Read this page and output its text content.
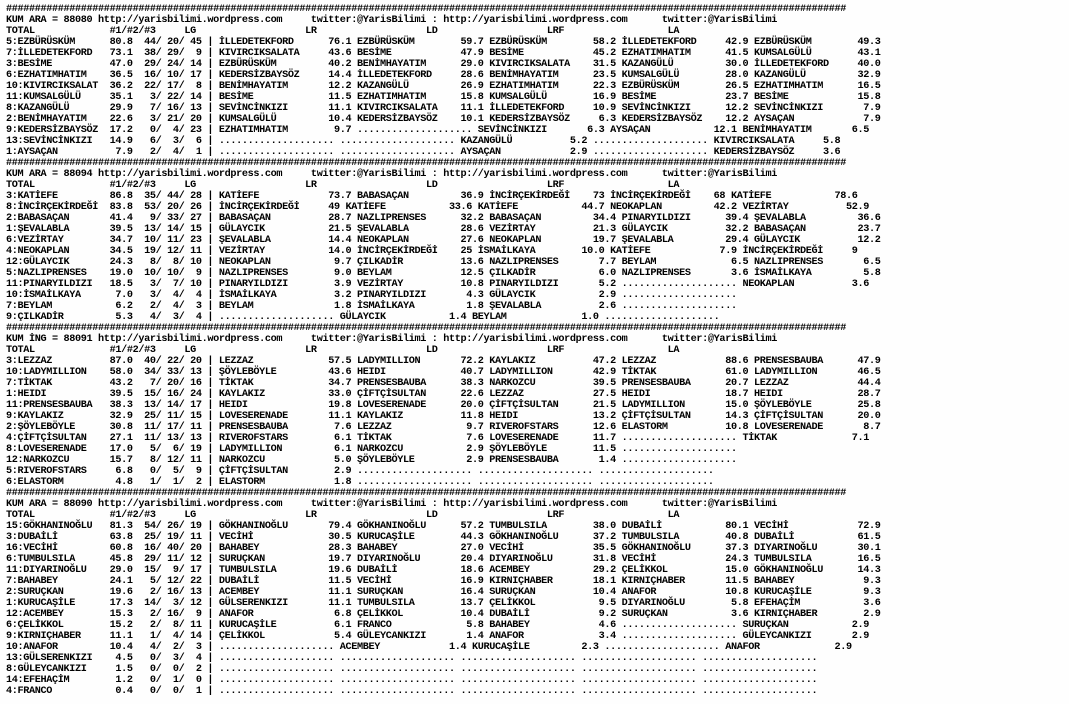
##################################################################################################################################################
KUM ARA = 88080 http://yarisbilimi.wordpress.com     twitter:@YarisBilimi : http://yarisbilimi.wordpress.com      twitter:@YarisBilimi
TOTAL             #1/#2/#3     LG                   LR                   LD                   LRF                  LA
5:EZBÜRÜSKÜM      80.8  44/ 20/ 45 | İLLEDETEKFORD      76.1 EZBÜRÜSKÜM        59.7 EZBÜRÜSKÜM        58.2 İLLEDETEKFORD     42.9 EZBÜRÜSKÜM        49.3
7:İLLEDETEKFORD   73.1  38/ 29/  9 | KIVIRCIKSALATA     43.6 BESİME            47.9 BESİME            45.2 EZHATIMHATIM      41.5 KUMSALGÜLÜ        43.1
3:BESİME          47.0  29/ 24/ 14 | EZBÜRÜSKÜM         40.2 BENİMHAYATIM      29.0 KIVIRCIKSALATA    31.5 KAZANGÜLÜ         30.0 İLLEDETEKFORD     40.0
6:EZHATIMHATIM    36.5  16/ 10/ 17 | KEDERSİZBAYSÖZ     14.4 İLLEDETEKFORD     28.6 BENİMHAYATIM      23.5 KUMSALGÜLÜ        28.0 KAZANGÜLÜ         32.9
10:KIVIRCIKSALAT  36.2  22/ 17/  8 | BENİMHAYATIM       12.2 KAZANGÜLÜ         26.9 EZHATIMHATIM      22.3 EZBÜRÜSKÜM        26.5 EZHATIMHATIM      16.5
11:KUMSALGÜLÜ     35.1   3/ 22/ 14 | BESİME             11.5 EZHATIMHATIM      15.8 KUMSALGÜLÜ        16.9 BESİME            23.7 BESİME            15.8
8:KAZANGÜLÜ       29.9   7/ 16/ 13 | SEVİNCİNKIZI       11.1 KIVIRCIKSALATA    11.1 İLLEDETEKFORD     10.9 SEVİNCİNKIZI      12.2 SEVİNCİNKIZI       7.9
2:BENİMHAYATIM    22.6   3/ 21/ 20 | KUMSALGÜLÜ         10.4 KEDERSİZBAYSÖZ    10.1 KEDERSİZBAYSÖZ     6.3 KEDERSİZBAYSÖZ    12.2 AYSAÇAN            7.9
9:KEDERSİZBAYSÖZ  17.2   0/  4/ 23 | EZHATIMHATIM        9.7 .................... SEVİNCİNKIZI       6.3 AYSAÇAN           12.1 BENİMHAYATIM       6.5
13:SEVİNCİNKIZI   14.9   6/  3/  6 | .................... .................... KAZANGÜLÜ          5.2 .................... KIVIRCIKSALATA     5.8
1:AYSAÇAN          7.9   2/  4/  1 | .................... .................... AYSAÇAN            2.9 .................... KEDERSİZBAYSÖZ     3.6
##################################################################################################################################################
KUM ARA = 88094 http://yarisbilimi.wordpress.com     twitter:@YarisBilimi : http://yarisbilimi.wordpress.com      twitter:@YarisBilimi
TOTAL             #1/#2/#3     LG                   LR                   LD                   LRF                  LA
3:KATİEFE         86.8  35/ 44/ 28 | KATİEFE            73.7 BABASAÇAN         36.9 İNCİRÇEKİRDEĞİ    73 İNCİRÇEKİRDEĞİ    68 KATİEFE           78.6
8:İNCİRÇEKİRDEĞİ  83.8  53/ 20/ 26 | İNCİRÇEKİRDEĞİ     49 KATİEFE           33.6 KATİEFE           44.7 NEOKAPLAN         42.2 VEZİRTAY          52.9
2:BABASAÇAN       41.4   9/ 33/ 27 | BABASAÇAN          28.7 NAZLIPRENSES      32.2 BABASAÇAN         34.4 PINARYILDIZI      39.4 ŞEVALABLA         36.6
1:ŞEVALABLA       39.5  13/ 14/ 15 | GÜLAYCIK           21.5 ŞEVALABLA         28.6 VEZİRTAY          21.3 GÜLAYCIK          32.2 BABASAÇAN         23.7
6:VEZİRTAY        34.7  10/ 11/ 23 | ŞEVALABLA          14.4 NEOKAPLAN         27.6 NEOKAPLAN         19.7 ŞEVALABLA         29.4 GÜLAYCIK          12.2
4:NEOKAPLAN       34.5  19/ 12/ 11 | VEZİRTAY           14.0 İNCİRÇEKİRDEĞİ    25 İSMAİLKAYA        10.0 KATİEFE            7.9 İNCİRÇEKİRDEĞİ     9
12:GÜLAYCIK       24.3   8/  8/ 10 | NEOKAPLAN           9.7 ÇILKADİR          13.6 NAZLIPRENSES       7.7 BEYLAM             6.5 NAZLIPRENSES       6.5
5:NAZLIPRENSES    19.0  10/ 10/  9 | NAZLIPRENSES        9.0 BEYLAM            12.5 ÇILKADİR           6.0 NAZLIPRENSES       3.6 İSMAİLKAYA         5.8
11:PINARYILDIZI   18.5   3/  7/ 10 | PINARYILDIZI        3.9 VEZİRTAY          10.8 PINARYILDIZI       5.2 .................... NEOKAPLAN          3.6
10:İSMAİLKAYA      7.0   3/  4/  4 | İSMAİLKAYA          3.2 PINARYILDIZI       4.3 GÜLAYCIK           2.9 ....................
7:BEYLAM           6.2   2/  4/  3 | BEYLAM              1.8 İSMAİLKAYA         1.8 ŞEVALABLA          2.6 ....................
9:ÇILKADİR         5.3   4/  3/  4 | .................... GÜLAYCIK           1.4 BEYLAM             1.0 ....................
##################################################################################################################################################
KUM İNG = 88091 http://yarisbilimi.wordpress.com     twitter:@YarisBilimi : http://yarisbilimi.wordpress.com      twitter:@YarisBilimi
TOTAL             #1/#2/#3     LG                   LR                   LD                   LRF                  LA
3:LEZZAZ          87.0  40/ 22/ 20 | LEZZAZ             57.5 LADYMILLION       72.2 KAYLAKIZ          47.2 LEZZAZ            88.6 PRENSESBAUBA      47.9
10:LADYMILLION    58.0  34/ 33/ 13 | ŞÖYLEBÖYLE         43.6 HEIDI             40.7 LADYMILLION       42.9 TİKTAK            61.0 LADYMILLION       46.5
7:TİKTAK          43.2   7/ 20/ 16 | TİKTAK             34.7 PRENSESBAUBA      38.3 NARKOZCU          39.5 PRENSESBAUBA      20.7 LEZZAZ            44.4
1:HEIDI           39.5  15/ 16/ 24 | KAYLAKIZ           33.0 ÇİFTÇİSULTAN      22.6 LEZZAZ            27.5 HEIDI             18.7 HEIDI             28.7
11:PRENSESBAUBA   38.3  13/ 14/ 17 | HEIDI              19.8 LOVESERENADE      20.0 ÇİFTÇİSULTAN      21.5 LADYMILLION       15.0 ŞÖYLEBÖYLE        25.8
9:KAYLAKIZ        32.9  25/ 11/ 15 | LOVESERENADE       11.1 KAYLAKIZ          11.8 HEIDI             13.2 ÇİFTÇİSULTAN      14.3 ÇİFTÇİSULTAN      20.0
2:ŞÖYLEBÖYLE      30.8  11/ 17/ 11 | PRENSESBAUBA        7.6 LEZZAZ             9.7 RIVEROFSTARS      12.6 ELASTORM          10.8 LOVESERENADE       8.7
4:ÇİFTÇİSULTAN    27.1  11/ 13/ 13 | RIVEROFSTARS        6.1 TİKTAK             7.6 LOVESERENADE      11.7 .................... TİKTAK             7.1
8:LOVESERENADE    17.0   5/  6/ 19 | LADYMILLION         6.1 NARKOZCU           2.9 ŞÖYLEBÖYLE        11.5 ....................
12:NARKOZCU       15.7   8/ 12/ 11 | NARKOZCU            5.0 ŞÖYLEBÖYLE         2.9 PRENSESBAUBA       1.4 ....................
5:RIVEROFSTARS     6.8   0/  5/  9 | ÇİFTÇİSULTAN        2.9 .................... .................... ....................
6:ELASTORM         4.8   1/  1/  2 | ELASTORM            1.8 .................... .................... ....................
##################################################################################################################################################
KUM ARA = 88090 http://yarisbilimi.wordpress.com     twitter:@YarisBilimi : http://yarisbilimi.wordpress.com      twitter:@YarisBilimi
TOTAL             #1/#2/#3     LG                   LR                   LD                   LRF                  LA
15:GÖKHANINOĞLU   81.3  54/ 26/ 19 | GÖKHANINOĞLU       79.4 GÖKHANINOĞLU      57.2 TUMBULSILA        38.0 DUBAİLİ           80.1 VECİHİ            72.9
3:DUBAİLİ         63.8  25/ 19/ 11 | VECİHİ             30.5 KURUCAŞİLE        44.3 GÖKHANINOĞLU      37.2 TUMBULSILA        40.8 DUBAİLİ           61.5
16:VECİHİ         60.8  16/ 40/ 20 | BAHABEY            28.3 BAHABEY           27.0 VECİHİ            35.5 GÖKHANINOĞLU      37.3 DIYARINOĞLU       30.1
6:TUMBULSILA      45.8  29/ 11/ 12 | SURUÇKAN           19.7 DIYARINOĞLU       20.4 DIYARINOĞLU       31.8 VECİHİ            24.3 TUMBULSILA        16.5
11:DIYARINOĞLU    29.0  15/  9/ 17 | TUMBULSILA         19.6 DUBAİLİ           18.6 ACEMBEY           29.2 ÇELİKKOL          15.0 GÖKHANINOĞLU      14.3
7:BAHABEY         24.1   5/ 12/ 22 | DUBAİLİ            11.5 VECİHİ            16.9 KIRNIÇHABER       18.1 KIRNIÇHABER       11.5 BAHABEY            9.3
2:SURUÇKAN        19.6   2/ 16/ 13 | ACEMBEY            11.1 SURUÇKAN          16.4 SURUÇKAN          10.4 ANAFOR            10.8 KURUCAŞİLE         9.3
1:KURUCAŞİLE      17.3  14/  3/ 12 | GÜLSERENKIZI       11.1 TUMBULSILA        13.7 ÇELİKKOL           9.5 DIYARINOĞLU        5.8 EFEHAÇİM           3.6
12:ACEMBEY        15.3   2/ 16/  9 | ANAFOR              6.8 ÇELİKKOL          10.4 DUBAİLİ            9.2 SURUÇKAN           3.6 KIRNIÇHABER        2.9
6:ÇELİKKOL        15.2   2/  8/ 11 | KURUCAŞİLE          6.1 FRANCO             5.8 BAHABEY            4.6 .................... SURUÇKAN           2.9
9:KIRNIÇHABER     11.1   1/  4/ 14 | ÇELİKKOL            5.4 GÜLEYCANKIZI       1.4 ANAFOR             3.4 .................... GÜLEYCANKIZI       2.9
10:ANAFOR         10.4   4/  2/  3 | .................... ACEMBEY            1.4 KURUCAŞİLE         2.3 .................... ANAFOR             2.9
13:GÜLSERENKIZI    4.5   0/  3/  4 | .................... .................... .................... .................... ....................
8:GÜLEYCANKIZI     1.5   0/  0/  2 | .................... .................... .................... .................... ....................
14:EFEHAÇİM        1.2   0/  1/  0 | .................... .................... .................... .................... ....................
4:FRANCO           0.4   0/  0/  1 | .................... .................... .................... .................... ....................
